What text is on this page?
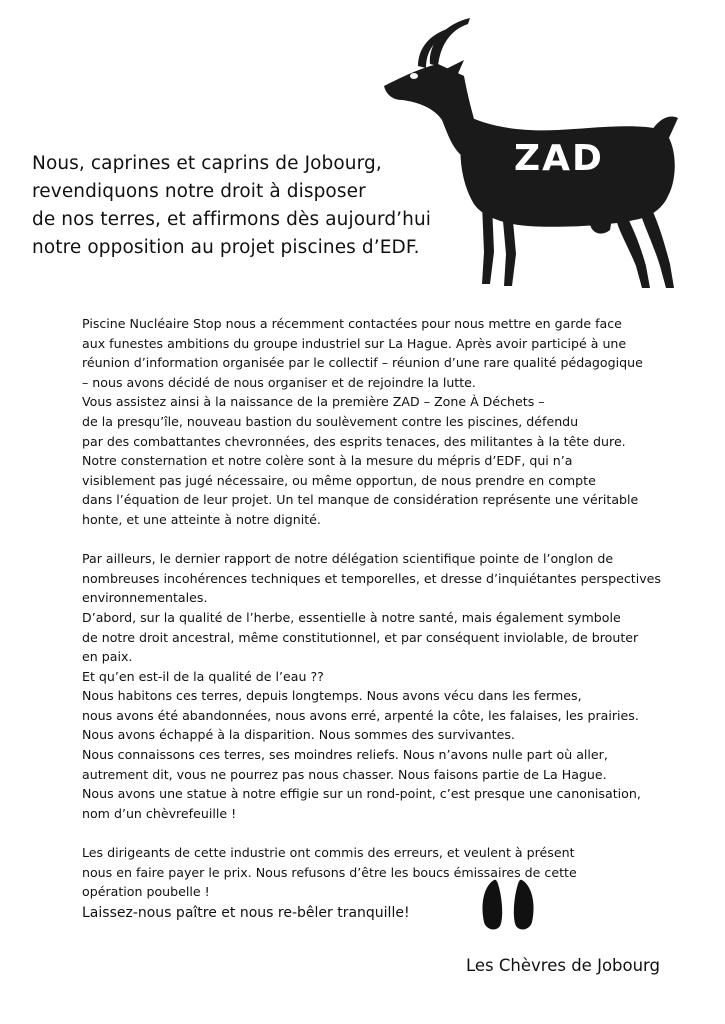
Nous, caprines et caprins de Jobourg,

revendiquons notre droit à disposer

de nos terres, et affirmons dès aujourd’hui

notre opposition au projet piscines d’EDF.

ZAD

Piscine Nucléaire Stop nous a récemment contactées pour nous mettre en garde face

aux funestes ambitions du groupe industriel sur La Hague. Après avoir participé à une

réunion d’information organisée par le collectif – réunion d’une rare qualité pédagogique

– nous avons décidé de nous organiser et de rejoindre la lutte.

Vous assistez ainsi à la naissance de la première ZAD – Zone À Déchets –

de la presqu’île, nouveau bastion du soulèvement contre les piscines, défendu

par des combattantes chevronnées, des esprits tenaces, des militantes à la tête dure.

Notre consternation et notre colère sont à la mesure du mépris d’EDF, qui n’a

visiblement pas jugé nécessaire, ou même opportun, de nous prendre en compte

dans l’équation de leur projet. Un tel manque de considération représente une véritable

honte, et une atteinte à notre dignité.

Par ailleurs, le dernier rapport de notre délégation scientifique pointe de l’onglon de

nombreuses incohérences techniques et temporelles, et dresse d’inquiétantes perspectives

environnementales.

D’abord, sur la qualité de l’herbe, essentielle à notre santé, mais également symbole

de notre droit ancestral, même constitutionnel, et par conséquent inviolable, de brouter

en paix.

Et qu’en est-il de la qualité de l’eau ??

Nous habitons ces terres, depuis longtemps. Nous avons vécu dans les fermes,

nous avons été abandonnées, nous avons erré, arpenté la côte, les falaises, les prairies.

Nous avons échappé à la disparition. Nous sommes des survivantes.

Nous connaissons ces terres, ses moindres reliefs. Nous n’avons nulle part où aller,

autrement dit, vous ne pourrez pas nous chasser. Nous faisons partie de La Hague.

Nous avons une statue à notre effigie sur un rond-point, c’est presque une canonisation,

nom d’un chèvrefeuille !

Les dirigeants de cette industrie ont commis des erreurs, et veulent à présent

nous en faire payer le prix. Nous refusons d’être les boucs émissaires de cette

opération poubelle !

Laissez-nous paître et nous re-bêler tranquille!
Les Chèvres de Jobourg
